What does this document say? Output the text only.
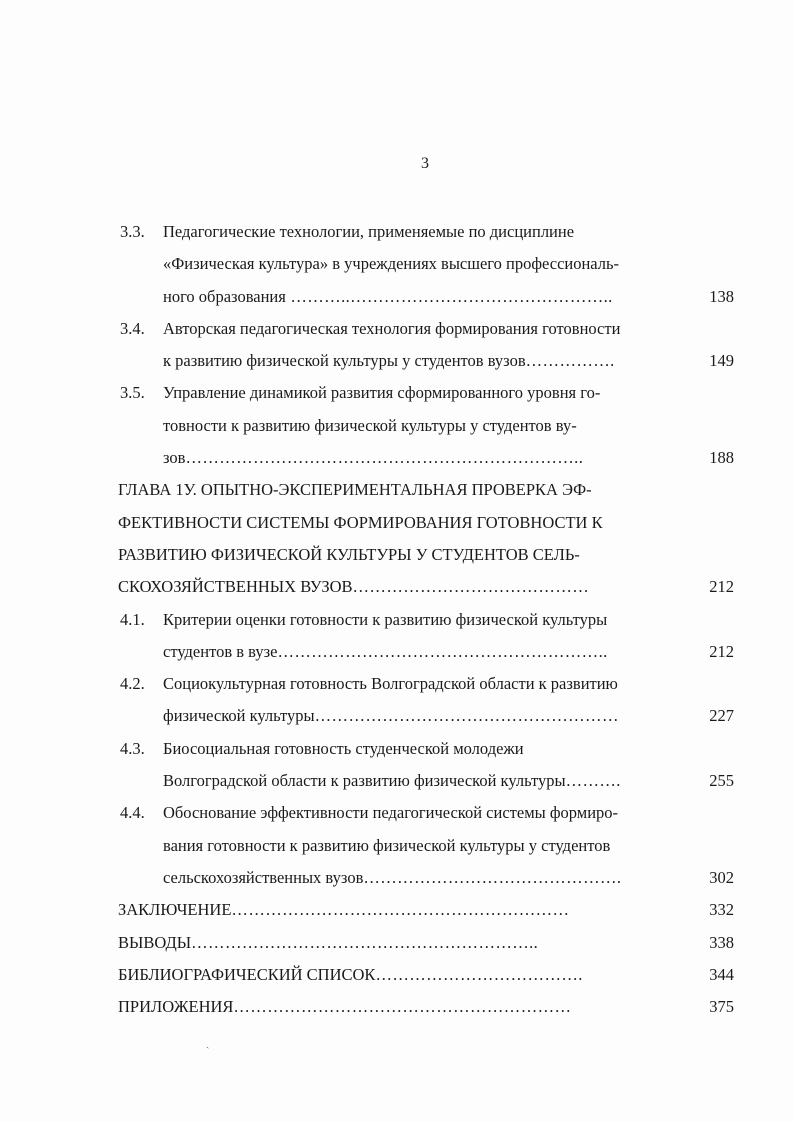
3
3.3. Педагогические технологии, применяемые по дисциплине
«Физическая культура» в учреждениях высшего профессиональ-
ного образования ………..………………………………………..	138
3.4. Авторская педагогическая технология формирования готовности
к развитию физической культуры у студентов вузов…………….	149
3.5. Управление динамикой развития сформированного уровня го-
товности к развитию физической культуры у студентов ву-
зов……………………………………………………………..	188
ГЛАВА 1У. ОПЫТНО-ЭКСПЕРИМЕНТАЛЬНАЯ ПРОВЕРКА ЭФ-
ФЕКТИВНОСТИ СИСТЕМЫ ФОРМИРОВАНИЯ ГОТОВНОСТИ К
РАЗВИТИЮ ФИЗИЧЕСКОЙ КУЛЬТУРЫ У СТУДЕНТОВ СЕЛЬ-
СКОХОЗЯЙСТВЕННЫХ ВУЗОВ……………………………………	212
4.1. Критерии оценки готовности к развитию физической культуры
студентов в вузе…………………………………………………..	212
4.2. Социокультурная готовность Волгоградской области к развитию
физической культуры………………………………………………	227
4.3. Биосоциальная готовность студенческой молодежи
Волгоградской области к развитию физической культуры……….	255
4.4. Обоснование эффективности педагогической системы формиро-
вания готовности к развитию физической культуры у студентов
сельскохозяйственных вузов……………………………………….	302
ЗАКЛЮЧЕНИЕ……………………………………………………	332
ВЫВОДЫ……………………………………………………..	338
БИБЛИОГРАФИЧЕСКИЙ СПИСОК……………………………….	344
ПРИЛОЖЕНИЯ……………………………………………………	375
ˏ
